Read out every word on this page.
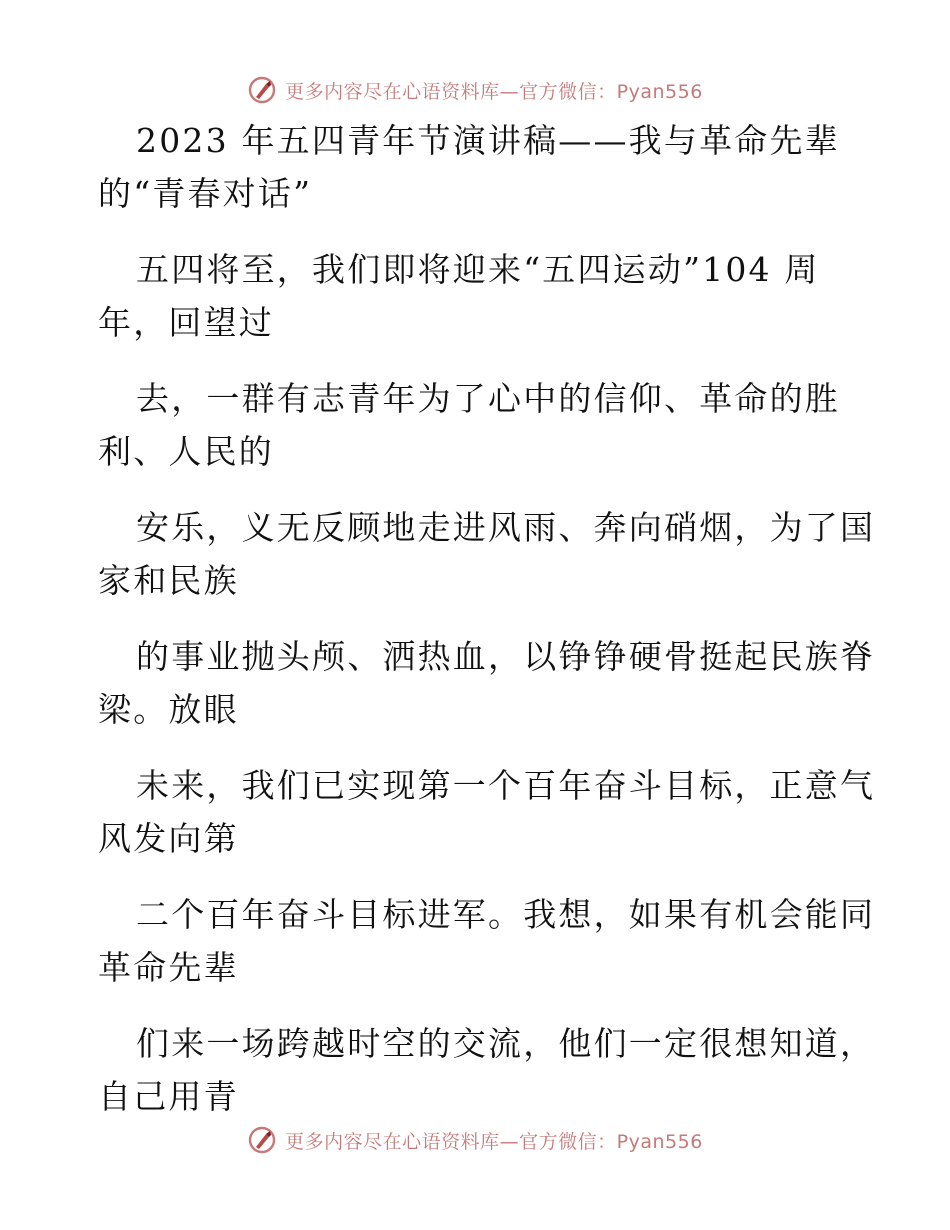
更多内容尽在心语资料库—官方微信：Pyan556

2023 年五四青年节演讲稿——我与革命先辈

的“青春对话”

五四将至，我们即将迎来“五四运动”104 周

年，回望过

去，一群有志青年为了心中的信仰、革命的胜

利、人民的

安乐，义无反顾地走进风雨、奔向硝烟，为了国

家和民族

的事业抛头颅、洒热血，以铮铮硬骨挺起民族脊

梁。放眼

未来，我们已实现第一个百年奋斗目标，正意气

风发向第

二个百年奋斗目标进军。我想，如果有机会能同

革命先辈

们来一场跨越时空的交流，他们一定很想知道，

自己用青

更多内容尽在心语资料库—官方微信：Pyan556
